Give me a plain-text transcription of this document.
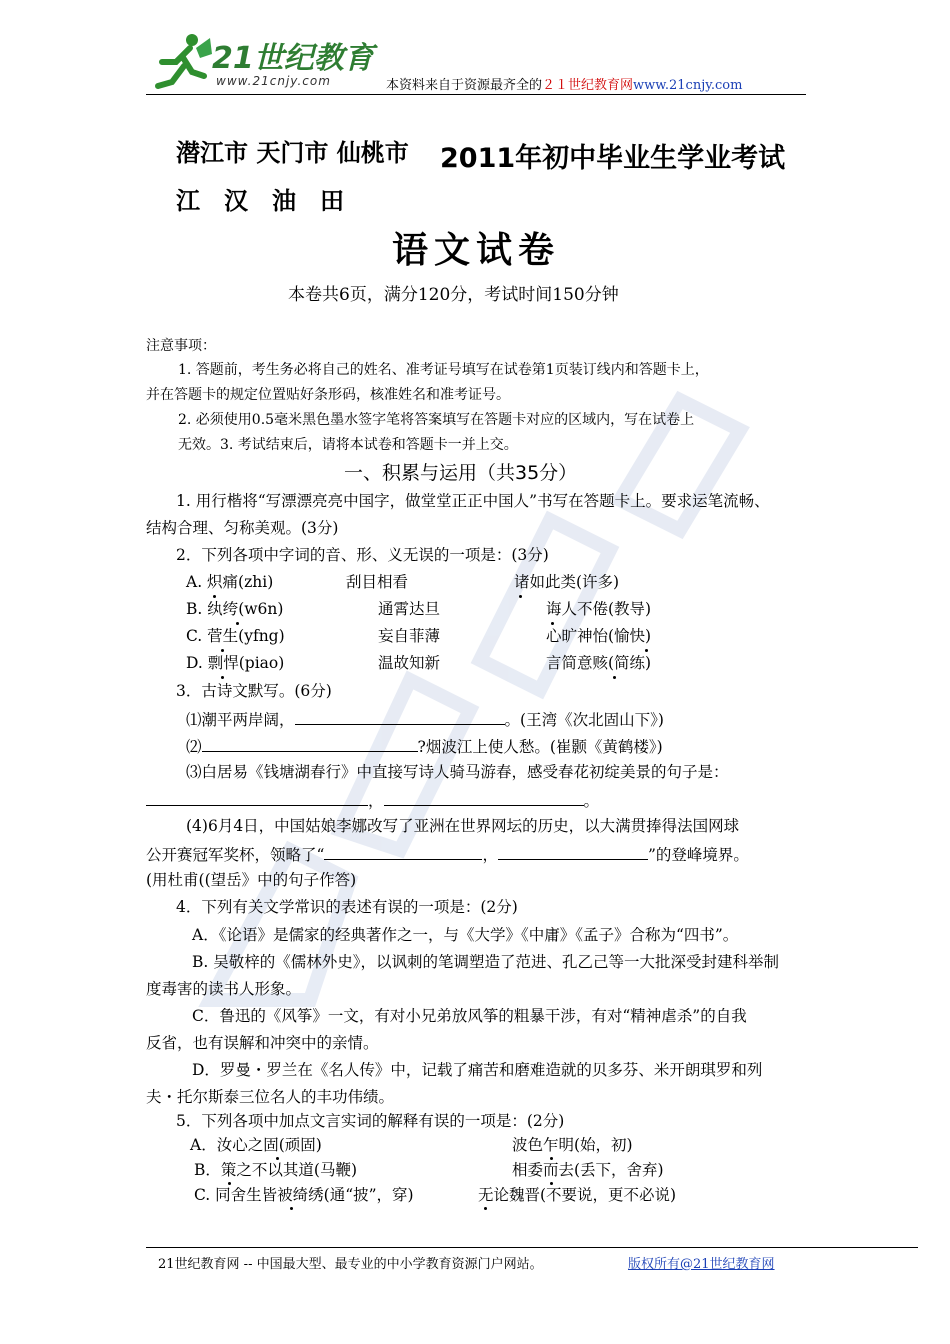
21世纪教育
www.21cnjy.com	本资料来自于资源最齐全的２１世纪教育网www.21cnjy.com
潜江市 天门市 仙桃市 2011年初中毕业生学业考试
江　汉　油　田
语文试卷
本卷共6页，满分120分，考试时间150分钟
注意事项：
1. 答题前，考生务必将自己的姓名、准考证号填写在试卷第1页装订线内和答题卡上，
并在答题卡的规定位置贴好条形码，核准姓名和准考证号。
2. 必须使用0.5毫米黑色墨水签字笔将答案填写在答题卡对应的区域内，写在试卷上
无效。3. 考试结束后，请将本试卷和答题卡一并上交。
一、积累与运用（共35分）
1. 用行楷将“写漂漂亮亮中国字，做堂堂正正中国人”书写在答题卡上。要求运笔流畅、
结构合理、匀称美观。(3分)
2．下列各项中字词的音、形、义无误的一项是：(3分)
A. 炽痛(zhi)	刮目相看	诸如此类(许多)
B. 纨绔(w6n)	通霄达旦	诲人不倦(教导)
C. 菅生(yfng)	妄自菲薄	心旷神怡(愉快)
D. 剽悍(piao)	温故知新	言简意赅(简练)
3．古诗文默写。(6分)
⑴潮平两岸阔，	。(王湾《次北固山下》)
⑵	?烟波江上使人愁。(崔颢《黄鹤楼》)
⑶白居易《钱塘湖春行》中直接写诗人骑马游春，感受春花初绽美景的句子是：
，	。
(4)6月4日，中国姑娘李娜改写了亚洲在世界网坛的历史，以大满贯捧得法国网球
公开赛冠军奖杯，领略了“	，	”的登峰境界。
(用杜甫((望岳》中的句子作答)
4．下列有关文学常识的表述有误的一项是：(2分)
A．《论语》是儒家的经典著作之一，与《大学》《中庸》《孟子》合称为“四书”。
B. 吴敬梓的《儒林外史》，以讽刺的笔调塑造了范进、孔乙己等一大批深受封建科举制
度毒害的读书人形象。
C．鲁迅的《风筝》一文，有对小兄弟放风筝的粗暴干涉，有对“精神虐杀”的自我
反省，也有误解和冲突中的亲情。
D．罗曼・罗兰在《名人传》中，记载了痛苦和磨难造就的贝多芬、米开朗琪罗和列
夫・托尔斯泰三位名人的丰功伟绩。
5．下列各项中加点文言实词的解释有误的一项是：(2分)
A．汝心之固(顽固)	波色乍明(始，初)
B．策之不以其道(马鞭)	相委而去(丢下，舍弃)
C. 同舍生皆被绮绣(通“披”，穿)	无论魏晋(不要说，更不必说)
21世纪教育网 -- 中国最大型、最专业的中小学教育资源门户网站。	版权所有@21世纪教育网
